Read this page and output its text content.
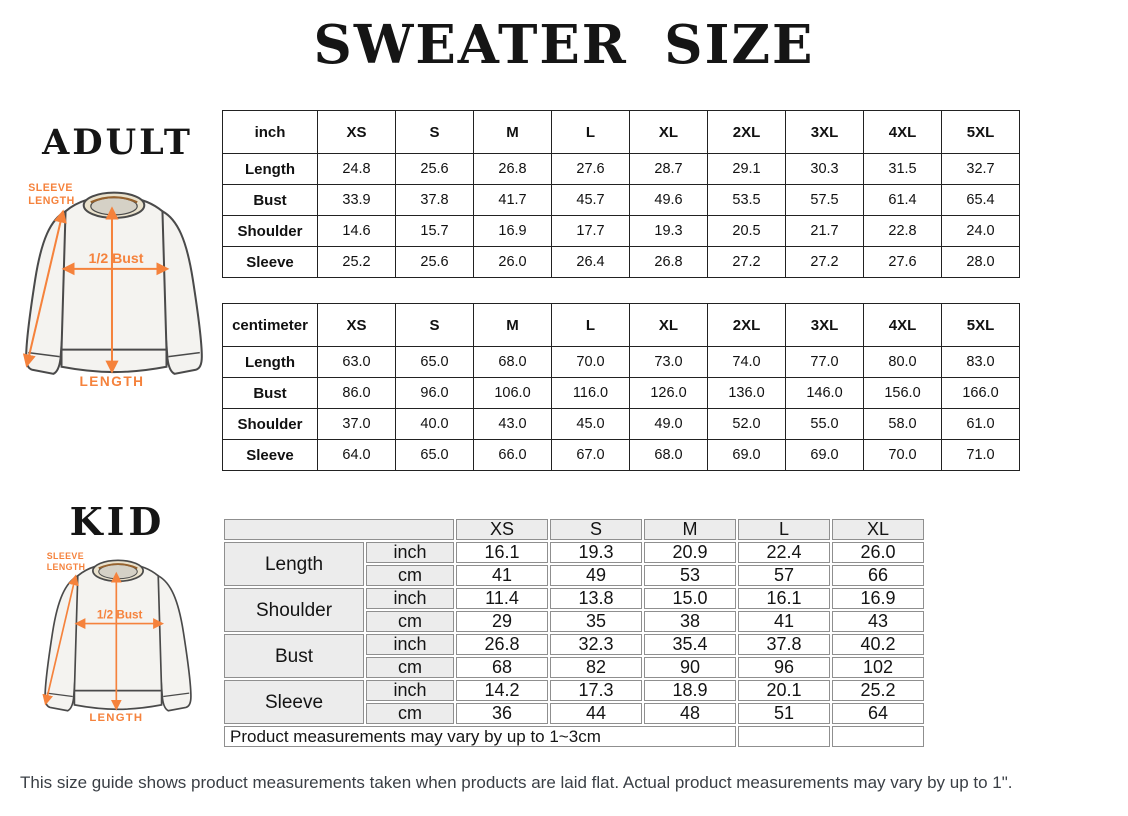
SWEATER SIZE
ADULT
KID
SLEEVE
LENGTH
1/2 Bust
LENGTH
SLEEVE
LENGTH
1/2 Bust
LENGTH
inch	XS	S	M	L	XL	2XL	3XL	4XL	5XL
Length	24.8	25.6	26.8	27.6	28.7	29.1	30.3	31.5	32.7
Bust	33.9	37.8	41.7	45.7	49.6	53.5	57.5	61.4	65.4
Shoulder	14.6	15.7	16.9	17.7	19.3	20.5	21.7	22.8	24.0
Sleeve	25.2	25.6	26.0	26.4	26.8	27.2	27.2	27.6	28.0
centimeter	XS	S	M	L	XL	2XL	3XL	4XL	5XL
Length	63.0	65.0	68.0	70.0	73.0	74.0	77.0	80.0	83.0
Bust	86.0	96.0	106.0	116.0	126.0	136.0	146.0	156.0	166.0
Shoulder	37.0	40.0	43.0	45.0	49.0	52.0	55.0	58.0	61.0
Sleeve	64.0	65.0	66.0	67.0	68.0	69.0	69.0	70.0	71.0
		XS	S	M	L	XL
Length	inch	16.1	19.3	20.9	22.4	26.0
	cm	41	49	53	57	66
Shoulder	inch	11.4	13.8	15.0	16.1	16.9
	cm	29	35	38	41	43
Bust	inch	26.8	32.3	35.4	37.8	40.2
	cm	68	82	90	96	102
Sleeve	inch	14.2	17.3	18.9	20.1	25.2
	cm	36	44	48	51	64
Product measurements may vary by up to 1~3cm						
This size guide shows product measurements taken when products are laid flat. Actual product measurements may vary by up to 1".
